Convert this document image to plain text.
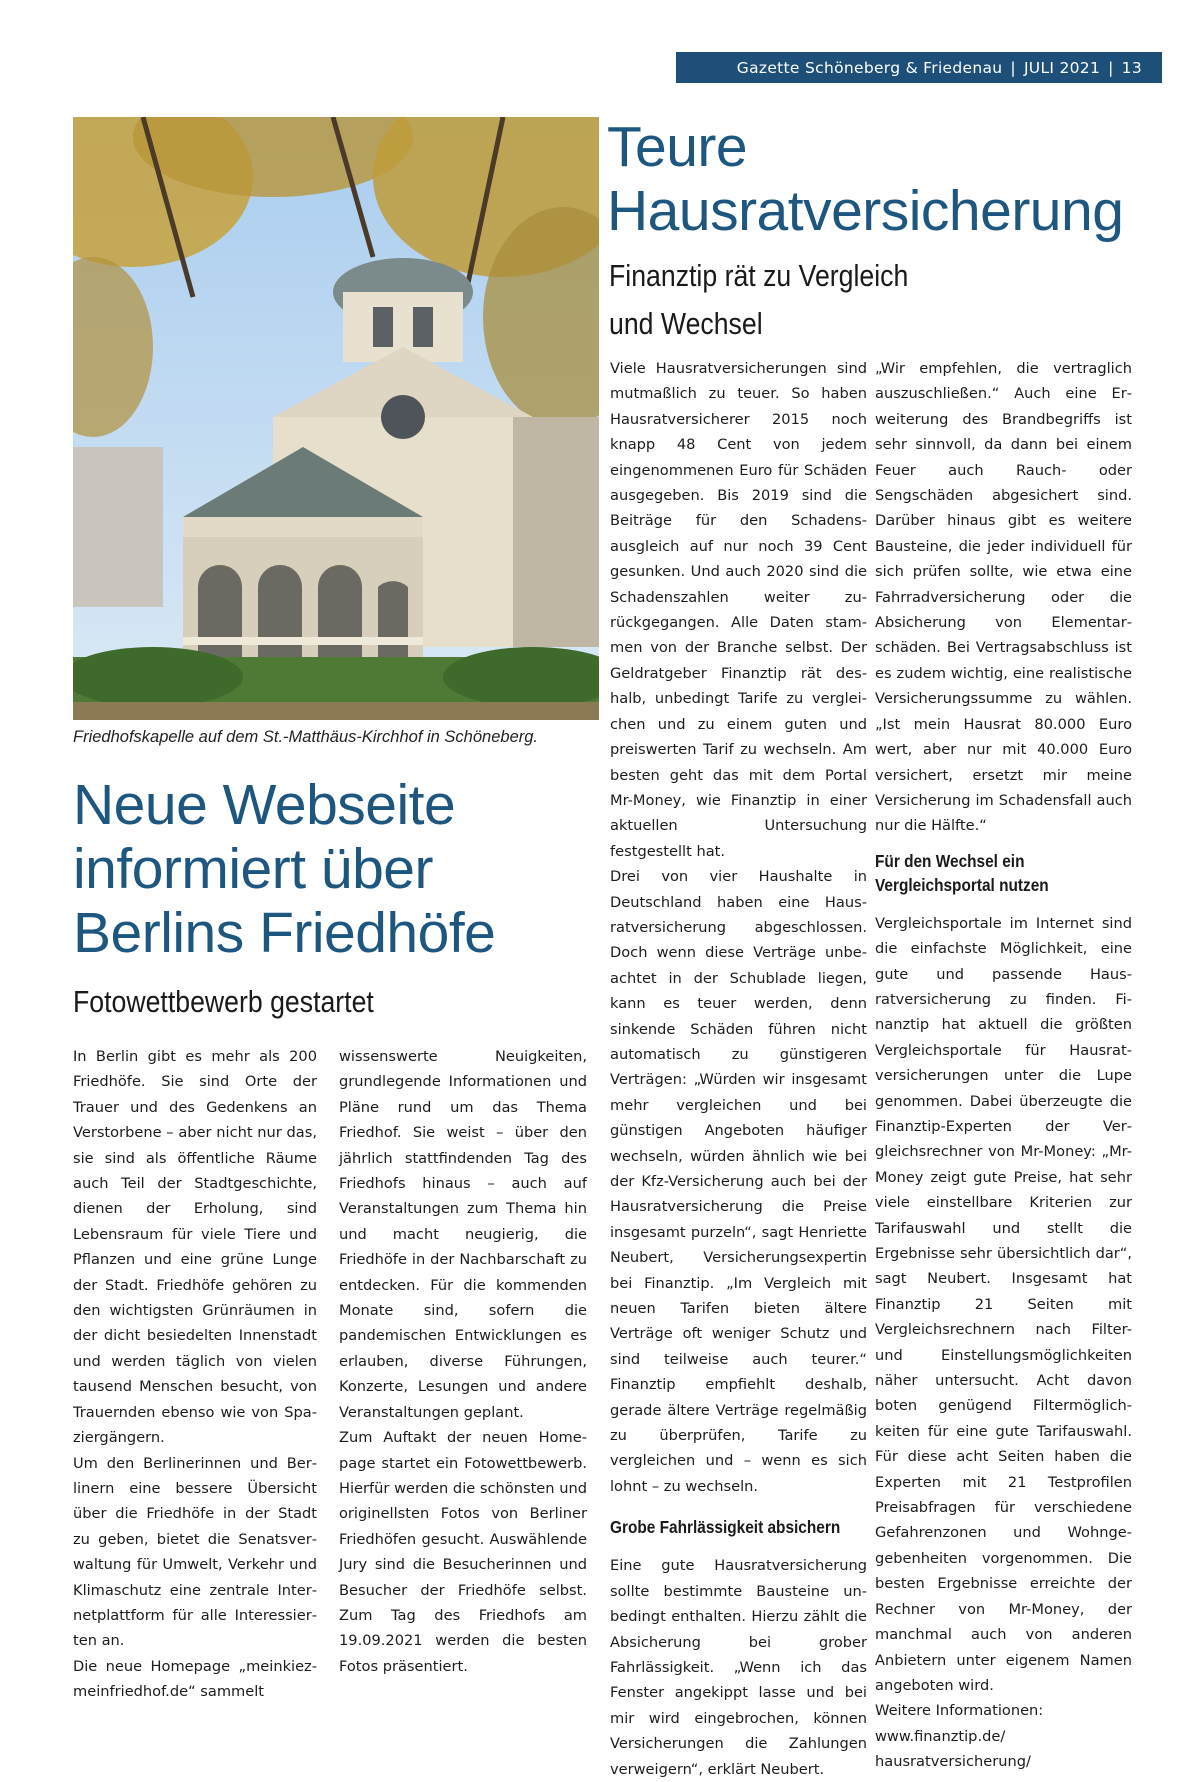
Gazette Schöneberg & Friedenau | JULI 2021 | 13
Friedhofskapelle auf dem St.-Matthäus-Kirchhof in Schöneberg.
Teure Hausratversicherung
Finanztip rät zu Vergleich
und Wechsel

Viele Hausratversicherungen sind mutmaßlich zu teuer. So haben Hausratversicherer 2015 noch knapp 48 Cent von jedem eingenommenen Euro für Schäden ausgegeben. Bis 2019 sind die Beiträge für den Schadensausgleich auf nur noch 39 Cent gesunken. Und auch 2020 sind die Schadenszahlen weiter zurückgegangen. Alle Daten stammen von der Branche selbst. Der Geldratgeber Finanztip rät deshalb, unbedingt Tarife zu vergleichen und zu einem guten und preiswerten Tarif zu wechseln. Am besten geht das mit dem Portal Mr-Money, wie Finanztip in einer aktuellen Untersuchung festgestellt hat.

Drei von vier Haushalte in Deutschland haben eine Hausratversicherung abgeschlossen. Doch wenn diese Verträge unbeachtet in der Schublade liegen, kann es teuer werden, denn sinkende Schäden führen nicht automatisch zu günstigeren Verträgen: „Würden wir insgesamt mehr vergleichen und bei günstigen Angeboten häufiger wechseln, würden ähnlich wie bei der Kfz-Versicherung auch bei der Hausratversicherung die Preise insgesamt purzeln“, sagt Henriette Neubert, Versicherungsexpertin bei Finanztip. „Im Vergleich mit neuen Tarifen bieten ältere Verträge oft weniger Schutz und sind teilweise auch teurer.“ Finanztip empfiehlt deshalb, gerade ältere Verträge regelmäßig zu überprüfen, Tarife zu vergleichen und – wenn es sich lohnt – zu wechseln.

Grobe Fahrlässigkeit absichern

Eine gute Hausratversicherung sollte bestimmte Bausteine unbedingt enthalten. Hierzu zählt die Absicherung bei grober Fahrlässigkeit. „Wenn ich das Fenster angekippt lasse und bei mir wird eingebrochen, können Versicherungen die Zahlungen verweigern“, erklärt Neubert.

„Wir empfehlen, die vertraglich auszuschließen.“ Auch eine Erweiterung des Brandbegriffs ist sehr sinnvoll, da dann bei einem Feuer auch Rauch- oder Sengschäden abgesichert sind. Darüber hinaus gibt es weitere Bausteine, die jeder individuell für sich prüfen sollte, wie etwa eine Fahrradversicherung oder die Absicherung von Elementarschäden. Bei Vertragsabschluss ist es zudem wichtig, eine realistische Versicherungssumme zu wählen. „Ist mein Hausrat 80.000 Euro wert, aber nur mit 40.000 Euro versichert, ersetzt mir meine Versicherung im Schadensfall auch nur die Hälfte.“

Für den Wechsel ein Vergleichsportal nutzen

Vergleichsportale im Internet sind die einfachste Möglichkeit, eine gute und passende Hausratversicherung zu finden. Finanztip hat aktuell die größten Vergleichsportale für Hausratversicherungen unter die Lupe genommen. Dabei überzeugte die Finanztip-Experten der Vergleichsrechner von Mr-Money: „Mr-Money zeigt gute Preise, hat sehr viele einstellbare Kriterien zur Tarifauswahl und stellt die Ergebnisse sehr übersichtlich dar“, sagt Neubert. Insgesamt hat Finanztip 21 Seiten mit Vergleichsrechnern nach Filter- und Einstellungsmöglichkeiten näher untersucht. Acht davon boten genügend Filtermöglichkeiten für eine gute Tarifauswahl. Für diese acht Seiten haben die Experten mit 21 Testprofilen Preisabfragen für verschiedene Gefahrenzonen und Wohngegebenheiten vorgenommen. Die besten Ergebnisse erreichte der Rechner von Mr-Money, der manchmal auch von anderen Anbietern unter eigenem Namen angeboten wird.

Weitere Informationen:

www.finanztip.de/ hausratversicherung/

Neue Webseite informiert über Berlins Friedhöfe
Fotowettbewerb gestartet

In Berlin gibt es mehr als 200 Friedhöfe. Sie sind Orte der Trauer und des Gedenkens an Verstorbene – aber nicht nur das, sie sind als öffentliche Räume auch Teil der Stadtgeschichte, dienen der Erholung, sind Lebensraum für viele Tiere und Pflanzen und eine grüne Lunge der Stadt. Friedhöfe gehören zu den wichtigsten Grünräumen in der dicht besiedelten Innenstadt und werden täglich von vielen tausend Menschen besucht, von Trauernden ebenso wie von Spaziergängern.

Um den Berlinerinnen und Berlinern eine bessere Übersicht über die Friedhöfe in der Stadt zu geben, bietet die Senatsverwaltung für Umwelt, Verkehr und Klimaschutz eine zentrale Internetplattform für alle Interessierten an.

Die neue Homepage „meinkiez-meinfriedhof.de“ sammelt

wissenswerte Neuigkeiten, grundlegende Informationen und Pläne rund um das Thema Friedhof. Sie weist – über den jährlich stattfindenden Tag des Friedhofs hinaus – auch auf Veranstaltungen zum Thema hin und macht neugierig, die Friedhöfe in der Nachbarschaft zu entdecken. Für die kommenden Monate sind, sofern die pandemischen Entwicklungen es erlauben, diverse Führungen, Konzerte, Lesungen und andere Veranstaltungen geplant.

Zum Auftakt der neuen Homepage startet ein Fotowettbewerb. Hierfür werden die schönsten und originellsten Fotos von Berliner Friedhöfen gesucht. Auswählende Jury sind die Besucherinnen und Besucher der Friedhöfe selbst. Zum Tag des Friedhofs am 19.09.2021 werden die besten Fotos präsentiert.
